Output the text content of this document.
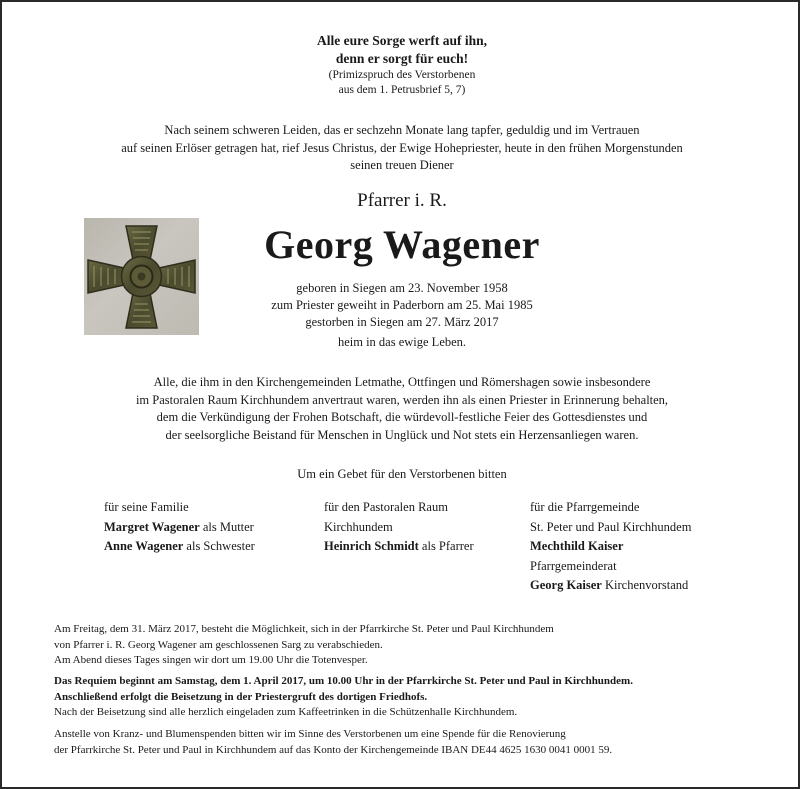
Alle eure Sorge werft auf ihn,
denn er sorgt für euch!
(Primizspruch des Verstorbenen
aus dem 1. Petrusbrief 5, 7)
Nach seinem schweren Leiden, das er sechzehn Monate lang tapfer, geduldig und im Vertrauen
auf seinen Erlöser getragen hat, rief Jesus Christus, der Ewige Hohepriester, heute in den frühen Morgenstunden
seinen treuen Diener
Pfarrer i. R.
Georg Wagener
geboren in Siegen am 23. November 1958
zum Priester geweiht in Paderborn am 25. Mai 1985
gestorben in Siegen am 27. März 2017
heim in das ewige Leben.
Alle, die ihm in den Kirchengemeinden Letmathe, Ottfingen und Römershagen sowie insbesondere
im Pastoralen Raum Kirchhundem anvertraut waren, werden ihn als einen Priester in Erinnerung behalten,
dem die Verkündigung der Frohen Botschaft, die würdevoll-festliche Feier des Gottesdienstes und
der seelsorgliche Beistand für Menschen in Unglück und Not stets ein Herzensanliegen waren.
Um ein Gebet für den Verstorbenen bitten
für seine Familie
Margret Wagener als Mutter
Anne Wagener als Schwester
für den Pastoralen Raum
Kirchhundem
Heinrich Schmidt als Pfarrer
für die Pfarrgemeinde
St. Peter und Paul Kirchhundem
Mechthild Kaiser
Pfarrgemeinderat
Georg Kaiser Kirchenvorstand
Am Freitag, dem 31. März 2017, besteht die Möglichkeit, sich in der Pfarrkirche St. Peter und Paul Kirchhundem
von Pfarrer i. R. Georg Wagener am geschlossenen Sarg zu verabschieden.
Am Abend dieses Tages singen wir dort um 19.00 Uhr die Totenvesper.
Das Requiem beginnt am Samstag, dem 1. April 2017, um 10.00 Uhr in der Pfarrkirche St. Peter und Paul in Kirchhundem.
Anschließend erfolgt die Beisetzung in der Priestergruft des dortigen Friedhofs.
Nach der Beisetzung sind alle herzlich eingeladen zum Kaffeetrinken in die Schützenhalle Kirchhundem.
Anstelle von Kranz- und Blumenspenden bitten wir im Sinne des Verstorbenen um eine Spende für die Renovierung
der Pfarrkirche St. Peter und Paul in Kirchhundem auf das Konto der Kirchengemeinde IBAN DE44 4625 1630 0041 0001 59.
